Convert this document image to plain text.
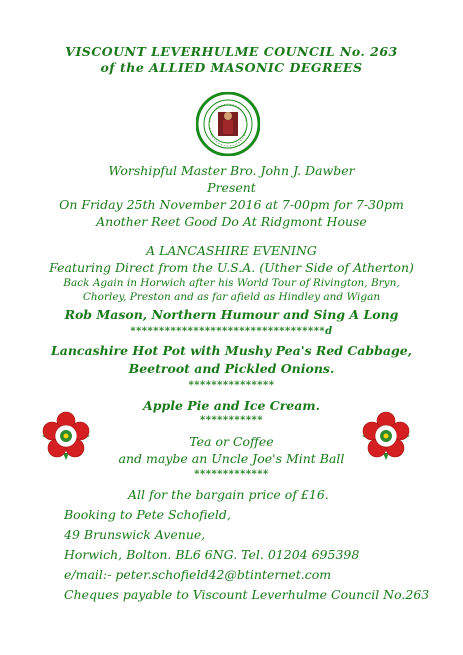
VISCOUNT LEVERHULME COUNCIL No. 263
of the ALLIED MASONIC DEGREES
Worshipful Master Bro. John J. Dawber
Present
On Friday 25th November 2016 at 7-00pm for 7-30pm
Another Reet Good Do At Ridgmont House
A LANCASHIRE EVENING
Featuring Direct from the U.S.A. (Uther Side of Atherton)
Back Again in Horwich after his World Tour of Rivington, Bryn,
Chorley, Preston and as far afield as Hindley and Wigan
Rob Mason, Northern Humour and Sing A Long
**********************************d
Lancashire Hot Pot with Mushy Pea's Red Cabbage,
Beetroot and Pickled Onions.
***************
Apple Pie and Ice Cream.
***********
Tea or Coffee
and maybe an Uncle Joe's Mint Ball
*************
All for the bargain price of £16.
Booking to Pete Schofield,
49 Brunswick Avenue,
Horwich, Bolton. BL6 6NG. Tel. 01204 695398
e/mail:- peter.schofield42@btinternet.com
Cheques payable to Viscount Leverhulme Council No.263
